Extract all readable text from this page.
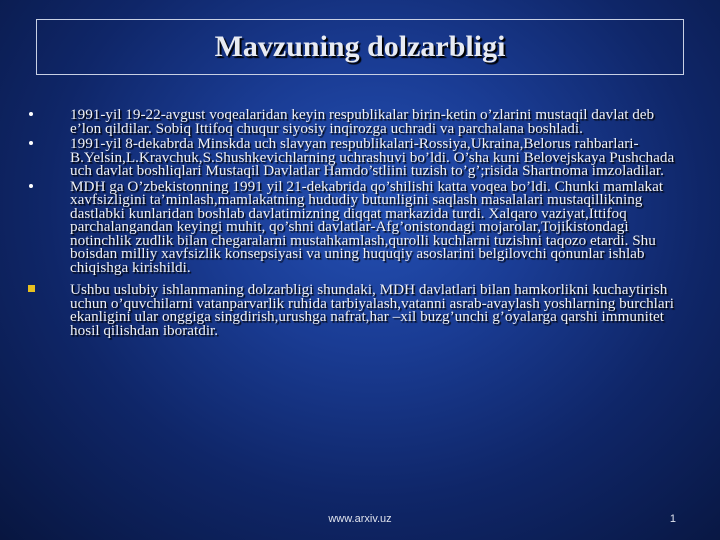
Mavzuning dolzarbligi
1991-yil 19-22-avgust voqealaridan keyin respublikalar birin-ketin o’zlarini mustaqil davlat deb e’lon qildilar. Sobiq Ittifoq chuqur siyosiy inqirozga uchradi va parchalana boshladi.
1991-yil 8-dekabrda Minskda uch slavyan respublikalari-Rossiya,Ukraina,Belorus rahbarlari-B.Yelsin,L.Kravchuk,S.Shushkevichlarning uchrashuvi bo’ldi. O’sha kuni Belovejskaya Pushchada uch davlat boshliqlari Mustaqil Davlatlar Hamdo’stliini tuzish to’g’;risida Shartnoma imzoladilar.
MDH ga O’zbekistonning 1991 yil 21-dekabrida qo’shilishi katta voqea bo’ldi. Chunki mamlakat xavfsizligini ta’minlash,mamlakatning hududiy butunligini saqlash masalalari mustaqillikning dastlabki kunlaridan boshlab davlatimizning diqqat markazida turdi. Xalqaro vaziyat,Ittifoq parchalangandan keyingi muhit, qo’shni davlatlar-Afg’onistondagi mojarolar,Tojikistondagi notinchlik zudlik bilan chegaralarni mustahkamlash,qurolli kuchlarni tuzishni taqozo etardi. Shu boisdan milliy xavfsizlik konsepsiyasi va uning huquqiy asoslarini belgilovchi qonunlar ishlab chiqishga kirishildi.
Ushbu uslubiy ishlanmaning dolzarbligi shundaki, MDH davlatlari bilan hamkorlikni kuchaytirish uchun o’quvchilarni vatanparvarlik ruhida tarbiyalash,vatanni asrab-avaylash yoshlarning burchlari ekanligini ular onggiga singdirish,urushga nafrat,har –xil buzg’unchi g’oyalarga qarshi immunitet hosil qilishdan iboratdir.
www.arxiv.uz	1
